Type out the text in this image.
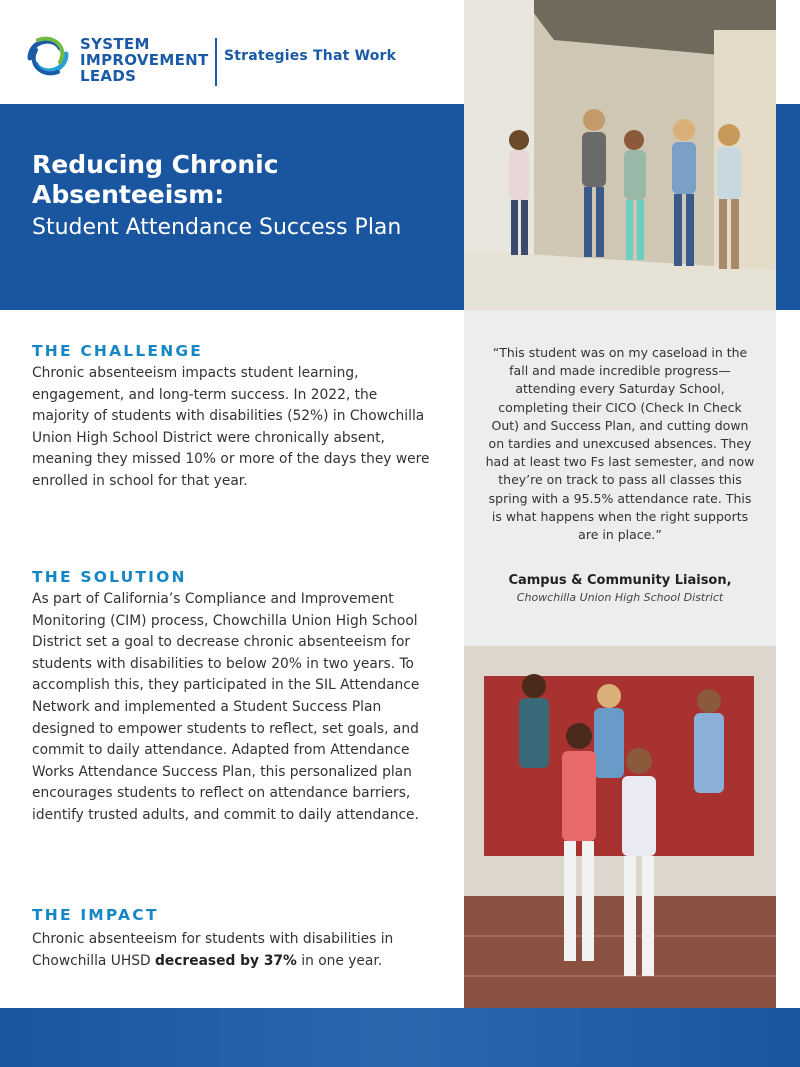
SYSTEM
IMPROVEMENT
LEADS
Strategies That Work
Reducing Chronic Absenteeism:
Student Attendance Success Plan
“This student was on my caseload in the fall and made incredible progress—attending every Saturday School, completing their CICO (Check In Check Out) and Success Plan, and cutting down on tardies and unexcused absences. They had at least two Fs last semester, and now they’re on track to pass all classes this spring with a 95.5% attendance rate. This is what happens when the right supports are in place.”
Campus & Community Liaison,
Chowchilla Union High School District
THE CHALLENGE
Chronic absenteeism impacts student learning, engagement, and long-term success. In 2022, the majority of students with disabilities (52%) in Chowchilla Union High School District were chronically absent, meaning they missed 10% or more of the days they were enrolled in school for that year.
THE SOLUTION
As part of California’s Compliance and Improvement Monitoring (CIM) process, Chowchilla Union High School District set a goal to decrease chronic absenteeism for students with disabilities to below 20% in two years. To accomplish this, they participated in the SIL Attendance Network and implemented a Student Success Plan designed to empower students to reflect, set goals, and commit to daily attendance. Adapted from Attendance Works Attendance Success Plan, this personalized plan encourages students to reflect on attendance barriers, identify trusted adults, and commit to daily attendance.
THE IMPACT
Chronic absenteeism for students with disabilities in Chowchilla UHSD decreased by 37% in one year.
